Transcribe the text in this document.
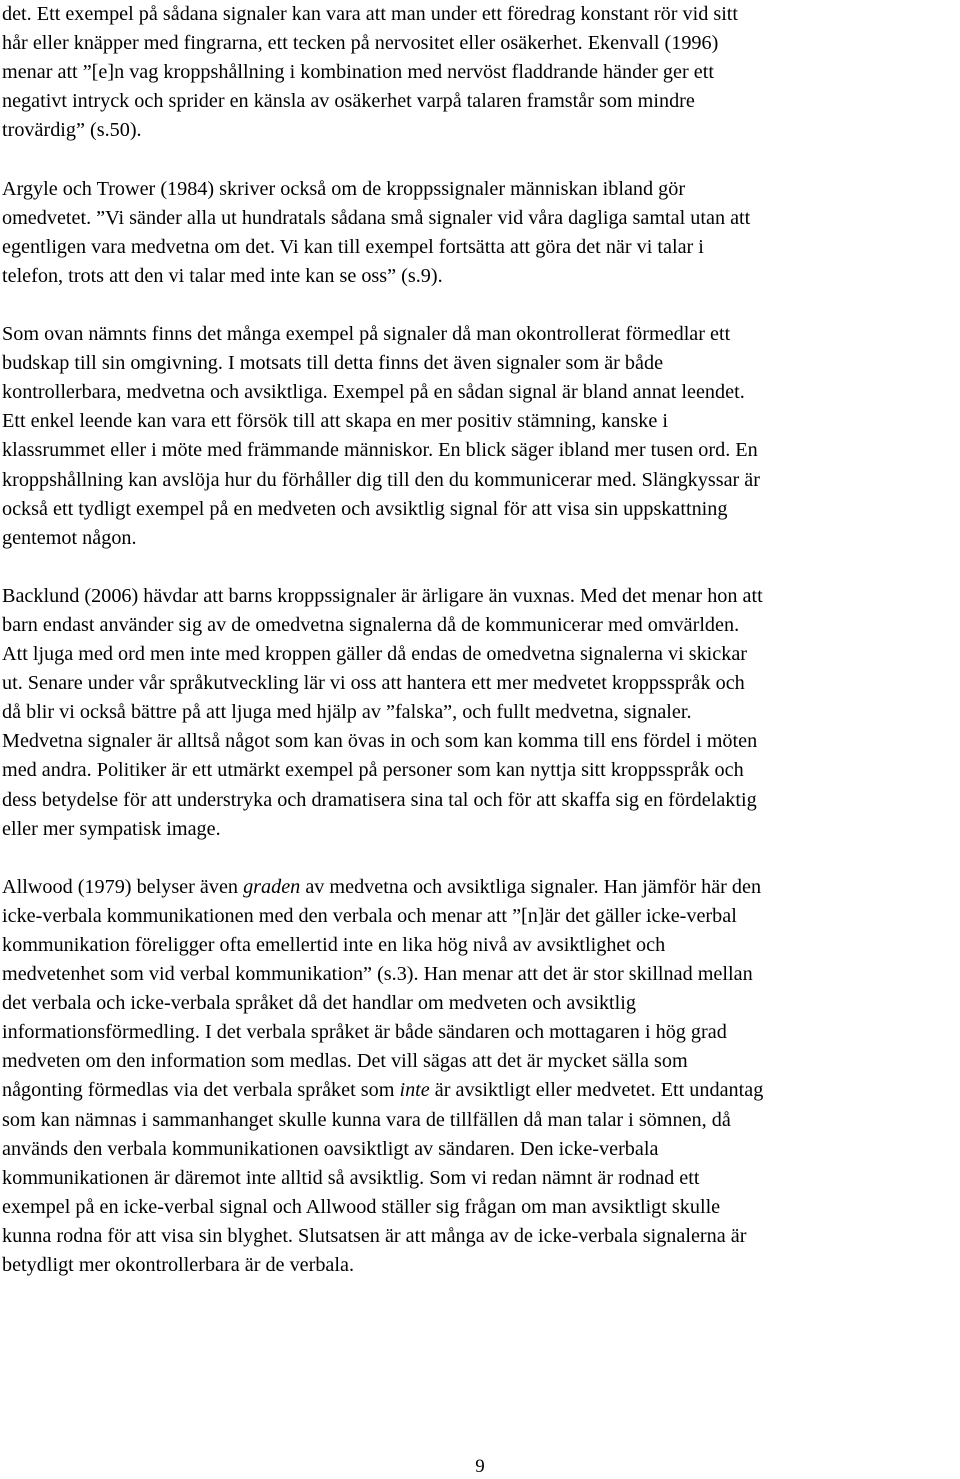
det. Ett exempel på sådana signaler kan vara att man under ett föredrag konstant rör vid sitt
hår eller knäpper med fingrarna, ett tecken på nervositet eller osäkerhet. Ekenvall (1996)
menar att ”[e]n vag kroppshållning i kombination med nervöst fladdrande händer ger ett
negativt intryck och sprider en känsla av osäkerhet varpå talaren framstår som mindre
trovärdig” (s.50).
Argyle och Trower (1984) skriver också om de kroppssignaler människan ibland gör
omedvetet. ”Vi sänder alla ut hundratals sådana små signaler vid våra dagliga samtal utan att
egentligen vara medvetna om det. Vi kan till exempel fortsätta att göra det när vi talar i
telefon, trots att den vi talar med inte kan se oss” (s.9).
Som ovan nämnts finns det många exempel på signaler då man okontrollerat förmedlar ett
budskap till sin omgivning. I motsats till detta finns det även signaler som är både
kontrollerbara, medvetna och avsiktliga. Exempel på en sådan signal är bland annat leendet.
Ett enkel leende kan vara ett försök till att skapa en mer positiv stämning, kanske i
klassrummet eller i möte med främmande människor. En blick säger ibland mer tusen ord. En
kroppshållning kan avslöja hur du förhåller dig till den du kommunicerar med. Slängkyssar är
också ett tydligt exempel på en medveten och avsiktlig signal för att visa sin uppskattning
gentemot någon.
Backlund (2006) hävdar att barns kroppssignaler är ärligare än vuxnas. Med det menar hon att
barn endast använder sig av de omedvetna signalerna då de kommunicerar med omvärlden.
Att ljuga med ord men inte med kroppen gäller då endas de omedvetna signalerna vi skickar
ut. Senare under vår språkutveckling lär vi oss att hantera ett mer medvetet kroppsspråk och
då blir vi också bättre på att ljuga med hjälp av ”falska”, och fullt medvetna, signaler.
Medvetna signaler är alltså något som kan övas in och som kan komma till ens fördel i möten
med andra. Politiker är ett utmärkt exempel på personer som kan nyttja sitt kroppsspråk och
dess betydelse för att understryka och dramatisera sina tal och för att skaffa sig en fördelaktig
eller mer sympatisk image.
Allwood (1979) belyser även graden av medvetna och avsiktliga signaler. Han jämför här den
icke-verbala kommunikationen med den verbala och menar att ”[n]är det gäller icke-verbal
kommunikation föreligger ofta emellertid inte en lika hög nivå av avsiktlighet och
medvetenhet som vid verbal kommunikation” (s.3). Han menar att det är stor skillnad mellan
det verbala och icke-verbala språket då det handlar om medveten och avsiktlig
informationsförmedling. I det verbala språket är både sändaren och mottagaren i hög grad
medveten om den information som medlas. Det vill sägas att det är mycket sälla som
någonting förmedlas via det verbala språket som inte är avsiktligt eller medvetet. Ett undantag
som kan nämnas i sammanhanget skulle kunna vara de tillfällen då man talar i sömnen, då
används den verbala kommunikationen oavsiktligt av sändaren. Den icke-verbala
kommunikationen är däremot inte alltid så avsiktlig. Som vi redan nämnt är rodnad ett
exempel på en icke-verbal signal och Allwood ställer sig frågan om man avsiktligt skulle
kunna rodna för att visa sin blyghet. Slutsatsen är att många av de icke-verbala signalerna är
betydligt mer okontrollerbara är de verbala.
9
